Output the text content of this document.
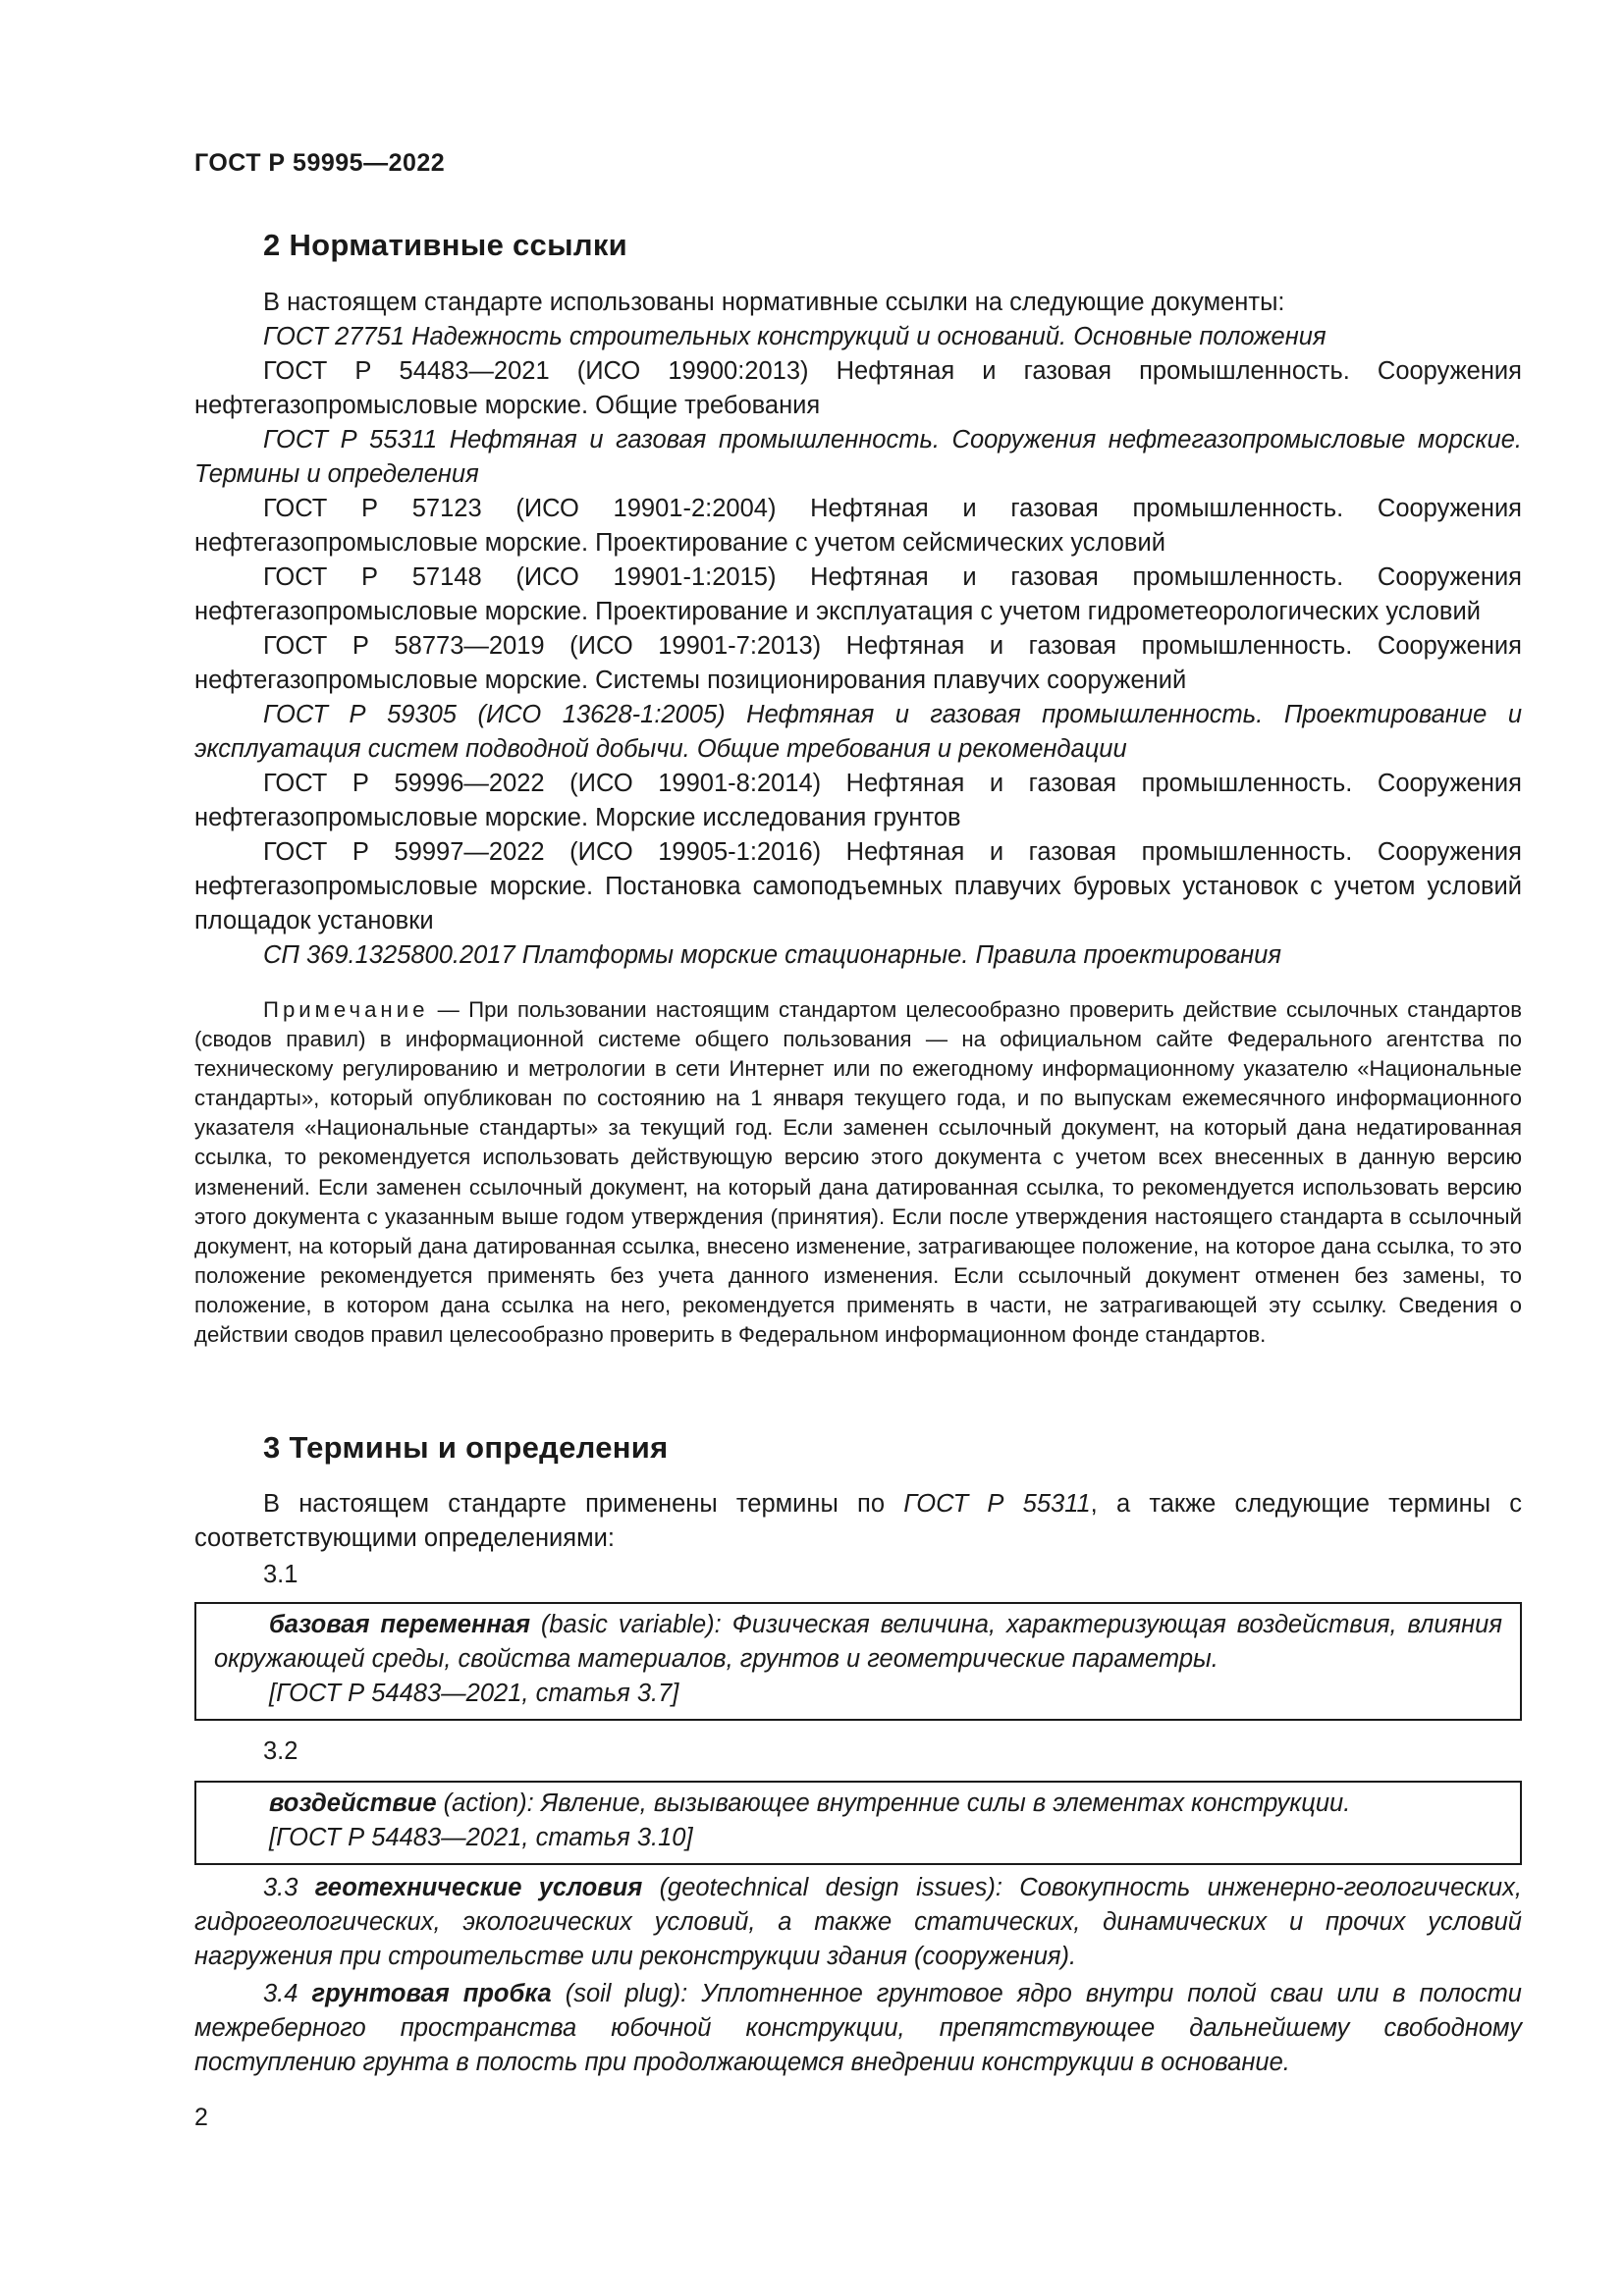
ГОСТ Р 59995—2022
2 Нормативные ссылки

В настоящем стандарте использованы нормативные ссылки на следующие документы:

ГОСТ 27751 Надежность строительных конструкций и оснований. Основные положения

ГОСТ Р 54483—2021 (ИСО 19900:2013) Нефтяная и газовая промышленность. Сооружения нефтегазопромысловые морские. Общие требования

ГОСТ Р 55311 Нефтяная и газовая промышленность. Сооружения нефтегазопромысловые морские. Термины и определения

ГОСТ Р 57123 (ИСО 19901-2:2004) Нефтяная и газовая промышленность. Сооружения нефтегазопромысловые морские. Проектирование с учетом сейсмических условий

ГОСТ Р 57148 (ИСО 19901-1:2015) Нефтяная и газовая промышленность. Сооружения нефтегазопромысловые морские. Проектирование и эксплуатация с учетом гидрометеорологических условий

ГОСТ Р 58773—2019 (ИСО 19901-7:2013) Нефтяная и газовая промышленность. Сооружения нефтегазопромысловые морские. Системы позиционирования плавучих сооружений

ГОСТ Р 59305 (ИСО 13628-1:2005) Нефтяная и газовая промышленность. Проектирование и эксплуатация систем подводной добычи. Общие требования и рекомендации

ГОСТ Р 59996—2022 (ИСО 19901-8:2014) Нефтяная и газовая промышленность. Сооружения нефтегазопромысловые морские. Морские исследования грунтов

ГОСТ Р 59997—2022 (ИСО 19905-1:2016) Нефтяная и газовая промышленность. Сооружения нефтегазопромысловые морские. Постановка самоподъемных плавучих буровых установок с учетом условий площадок установки

СП 369.1325800.2017 Платформы морские стационарные. Правила проектирования

Примечание — При пользовании настоящим стандартом целесообразно проверить действие ссылочных стандартов (сводов правил) в информационной системе общего пользования — на официальном сайте Федерального агентства по техническому регулированию и метрологии в сети Интернет или по ежегодному информационному указателю «Национальные стандарты», который опубликован по состоянию на 1 января текущего года, и по выпускам ежемесячного информационного указателя «Национальные стандарты» за текущий год. Если заменен ссылочный документ, на который дана недатированная ссылка, то рекомендуется использовать действующую версию этого документа с учетом всех внесенных в данную версию изменений. Если заменен ссылочный документ, на который дана датированная ссылка, то рекомендуется использовать версию этого документа с указанным выше годом утверждения (принятия). Если после утверждения настоящего стандарта в ссылочный документ, на который дана датированная ссылка, внесено изменение, затрагивающее положение, на которое дана ссылка, то это положение рекомендуется применять без учета данного изменения. Если ссылочный документ отменен без замены, то положение, в котором дана ссылка на него, рекомендуется применять в части, не затрагивающей эту ссылку. Сведения о действии сводов правил целесообразно проверить в Федеральном информационном фонде стандартов.

3 Термины и определения

В настоящем стандарте применены термины по ГОСТ Р 55311, а также следующие термины с соответствующими определениями:

3.1

базовая переменная (basic variable): Физическая величина, характеризующая воздействия, влияния окружающей среды, свойства материалов, грунтов и геометрические параметры.

[ГОСТ Р 54483—2021, статья 3.7]
3.2

воздействие (action): Явление, вызывающее внутренние силы в элементах конструкции.

[ГОСТ Р 54483—2021, статья 3.10]

3.3 геотехнические условия (geotechnical design issues): Совокупность инженерно-геологических, гидрогеологических, экологических условий, а также статических, динамических и прочих условий нагружения при строительстве или реконструкции здания (сооружения).

3.4 грунтовая пробка (soil plug): Уплотненное грунтовое ядро внутри полой сваи или в полости межреберного пространства юбочной конструкции, препятствующее дальнейшему свободному поступлению грунта в полость при продолжающемся внедрении конструкции в основание.

2
